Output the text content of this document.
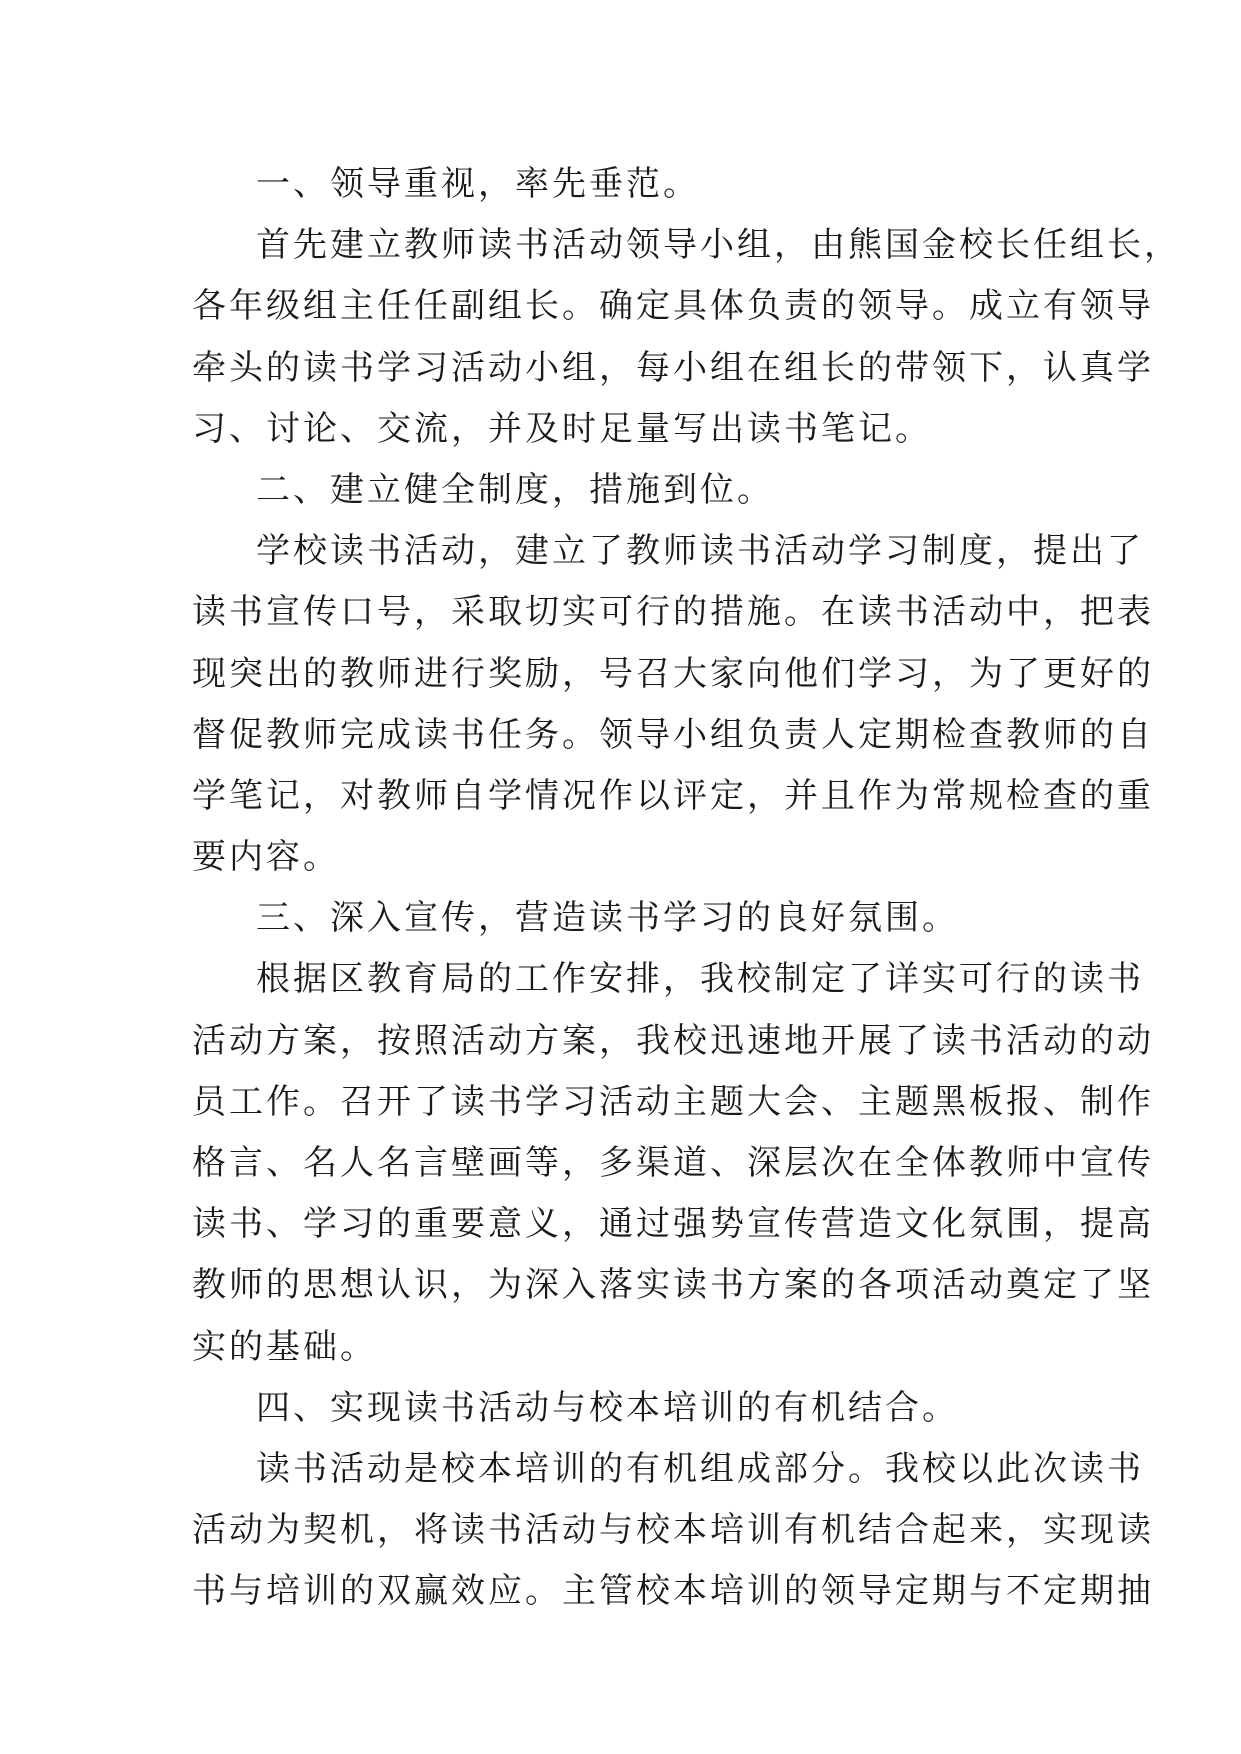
一、领导重视，率先垂范。
首先建立教师读书活动领导小组，由熊国金校长任组长，
各年级组主任任副组长。确定具体负责的领导。成立有领导
牵头的读书学习活动小组，每小组在组长的带领下，认真学
习、讨论、交流，并及时足量写出读书笔记。
二、建立健全制度，措施到位。
学校读书活动，建立了教师读书活动学习制度，提出了
读书宣传口号，采取切实可行的措施。在读书活动中，把表
现突出的教师进行奖励，号召大家向他们学习，为了更好的
督促教师完成读书任务。领导小组负责人定期检查教师的自
学笔记，对教师自学情况作以评定，并且作为常规检查的重
要内容。
三、深入宣传，营造读书学习的良好氛围。
根据区教育局的工作安排，我校制定了详实可行的读书
活动方案，按照活动方案，我校迅速地开展了读书活动的动
员工作。召开了读书学习活动主题大会、主题黑板报、制作
格言、名人名言壁画等，多渠道、深层次在全体教师中宣传
读书、学习的重要意义，通过强势宣传营造文化氛围，提高
教师的思想认识，为深入落实读书方案的各项活动奠定了坚
实的基础。
四、实现读书活动与校本培训的有机结合。
读书活动是校本培训的有机组成部分。我校以此次读书
活动为契机，将读书活动与校本培训有机结合起来，实现读
书与培训的双赢效应。主管校本培训的领导定期与不定期抽
